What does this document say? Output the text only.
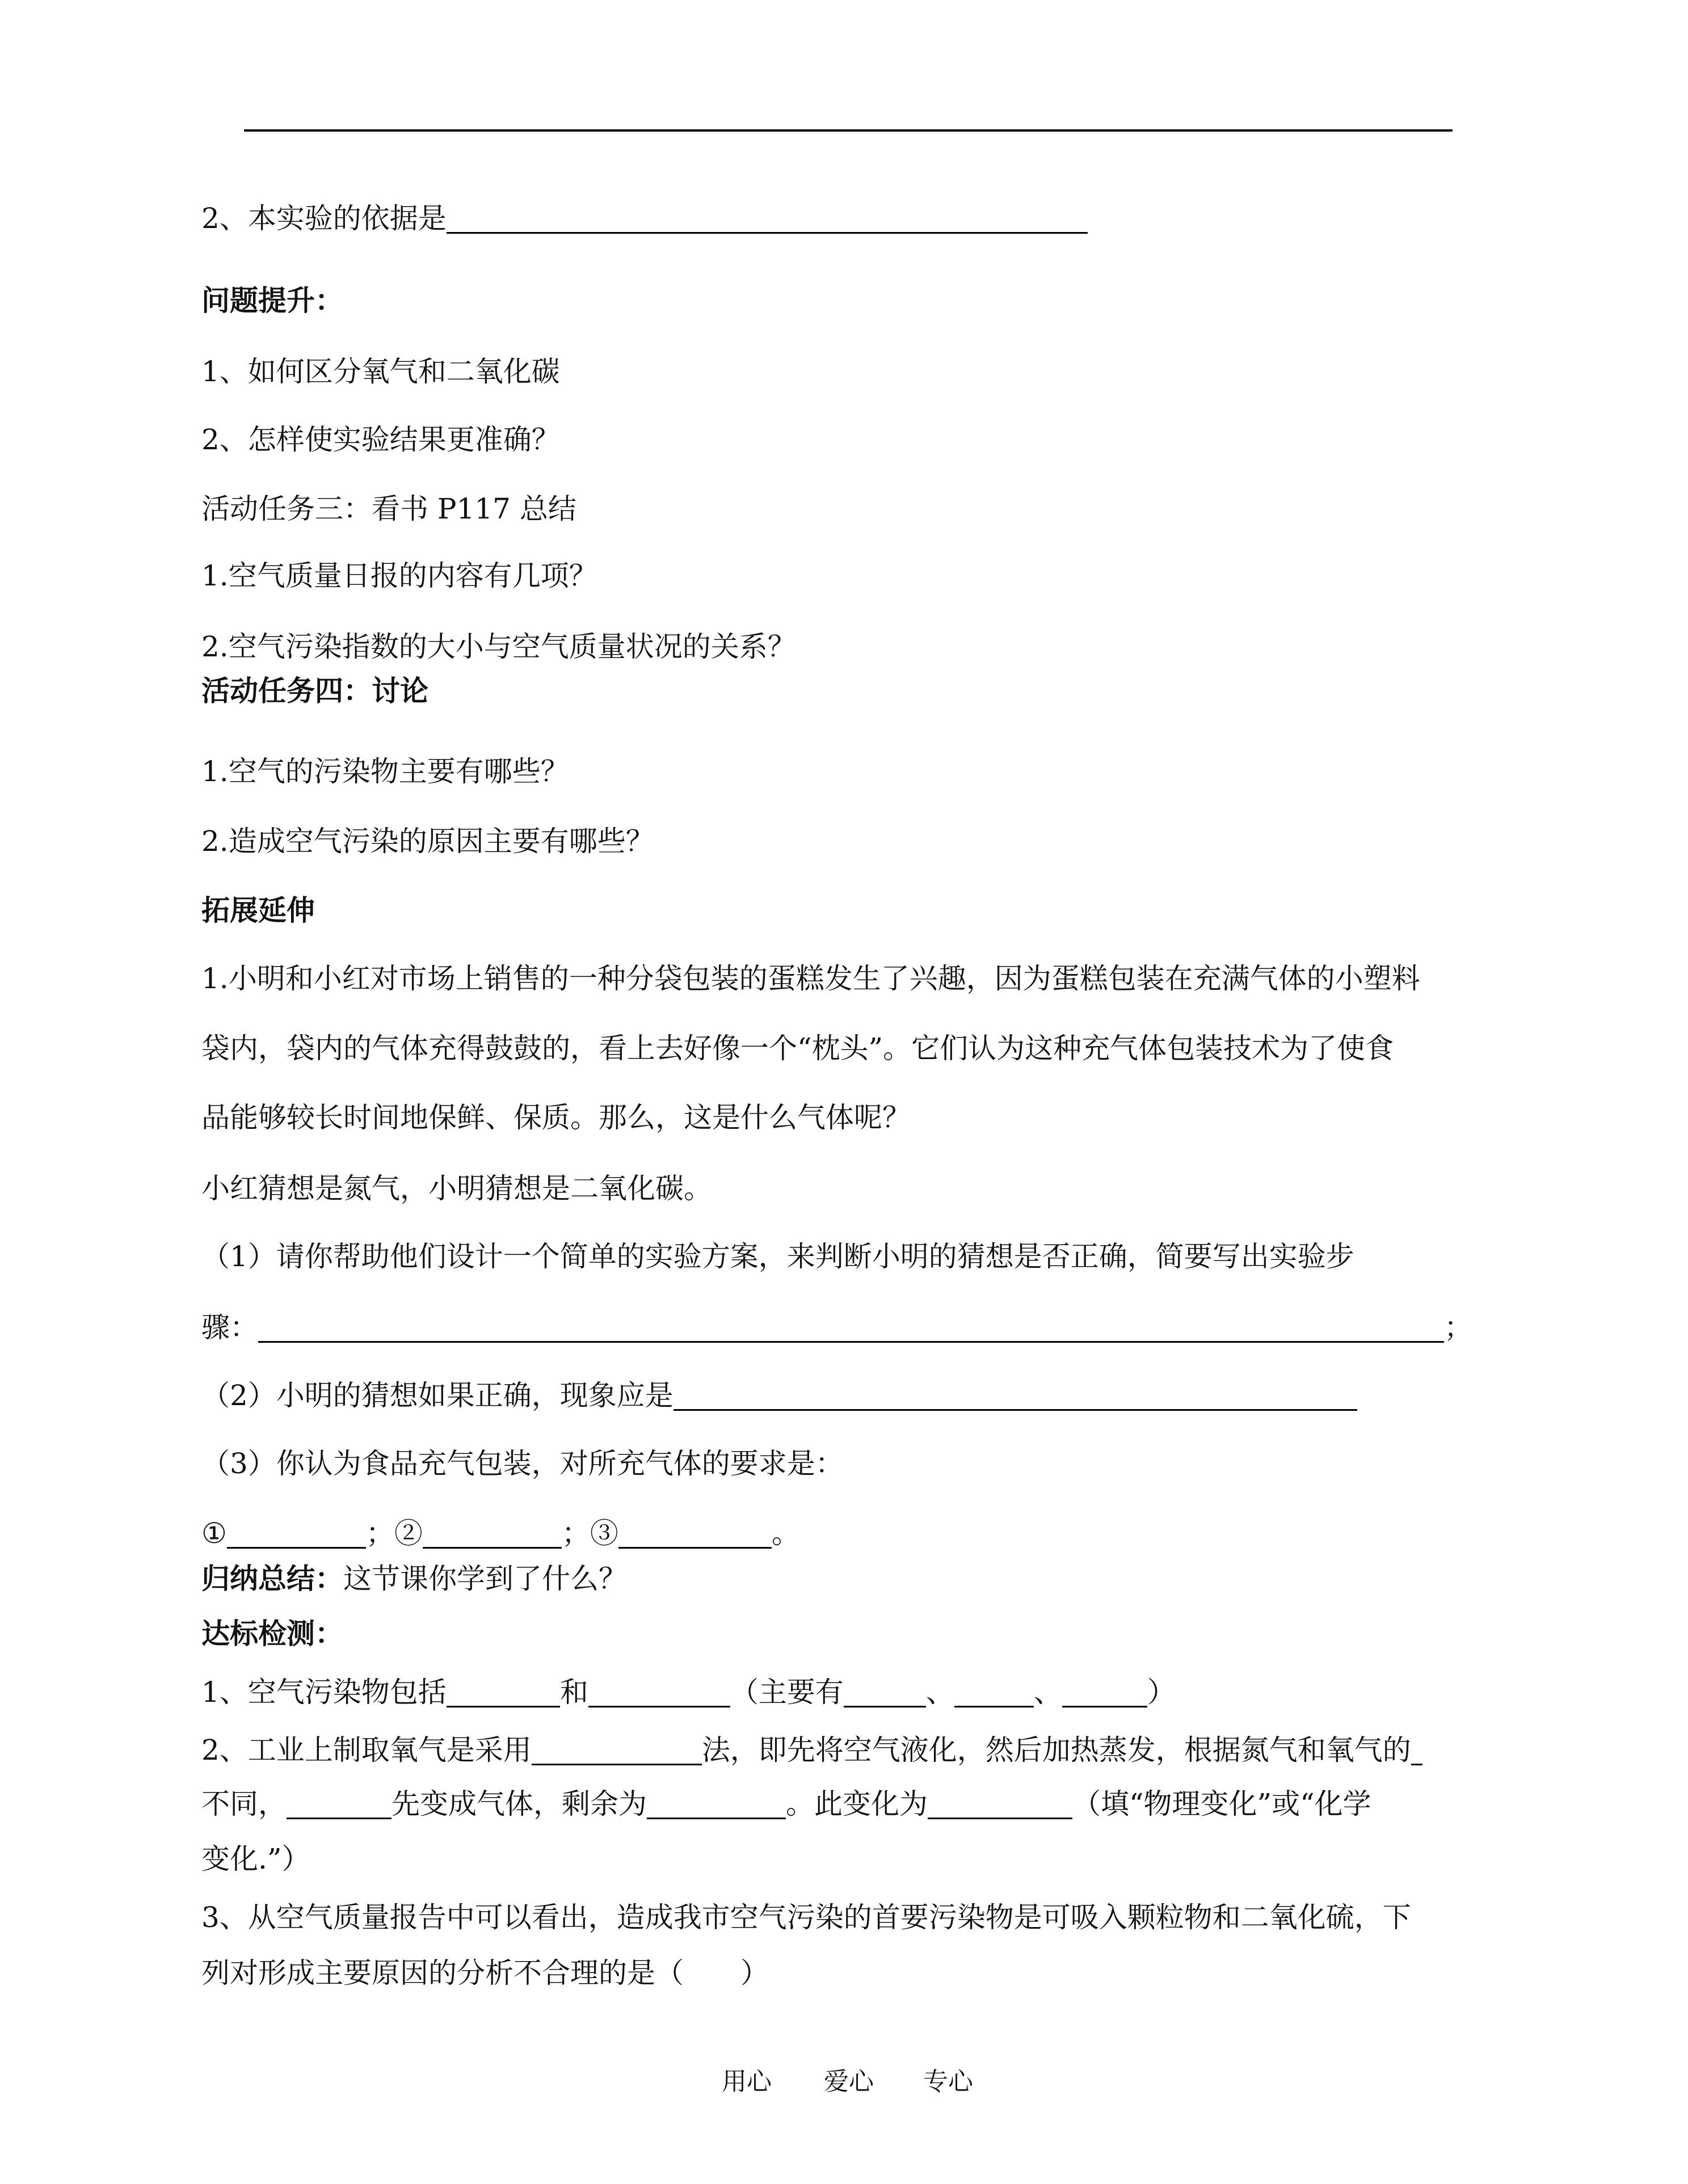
2、本实验的依据是
问题提升：
1、如何区分氧气和二氧化碳
2、怎样使实验结果更准确？
活动任务三：看书 P117 总结
1.空气质量日报的内容有几项？
2.空气污染指数的大小与空气质量状况的关系？
活动任务四：讨论
1.空气的污染物主要有哪些？
2.造成空气污染的原因主要有哪些？
拓展延伸
1.小明和小红对市场上销售的一种分袋包装的蛋糕发生了兴趣，因为蛋糕包装在充满气体的小塑料
袋内，袋内的气体充得鼓鼓的，看上去好像一个“枕头”。它们认为这种充气体包装技术为了使食
品能够较长时间地保鲜、保质。那么，这是什么气体呢？
小红猜想是氮气，小明猜想是二氧化碳。
（1）请你帮助他们设计一个简单的实验方案，来判断小明的猜想是否正确，简要写出实验步
骤：	；
（2）小明的猜想如果正确，现象应是
（3）你认为食品充气包装，对所充气体的要求是：
①	；②	；③	。
归纳总结：这节课你学到了什么？
达标检测：
1、空气污染物包括	和	（主要有	、	、	）
2、工业上制取氧气是采用	法，即先将空气液化，然后加热蒸发，根据氮气和氧气的
不同，	先变成气体，剩余为	。此变化为	（填“物理变化”或“化学
变化.”）
3、从空气质量报告中可以看出，造成我市空气污染的首要污染物是可吸入颗粒物和二氧化硫，下
列对形成主要原因的分析不合理的是（　　）
用心 爱心 专心
